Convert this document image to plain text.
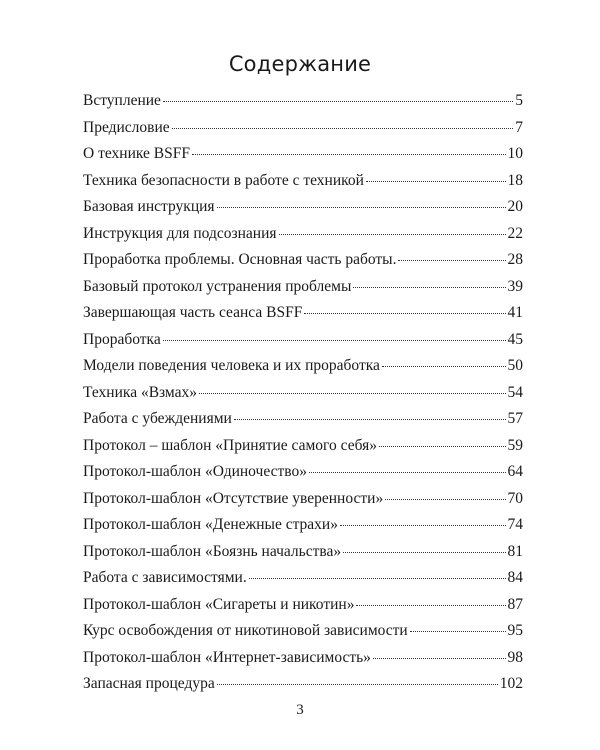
Содержание
Вступление	5
Предисловие	7
О технике BSFF	10
Техника безопасности в работе с техникой	18
Базовая инструкция	20
Инструкция для подсознания	22
Проработка проблемы. Основная часть работы.	28
Базовый протокол устранения проблемы	39
Завершающая часть сеанса BSFF	41
Проработка	45
Модели поведения человека и их проработка	50
Техника «Взмах»	54
Работа с убеждениями	57
Протокол – шаблон «Принятие самого себя»	59
Протокол-шаблон «Одиночество»	64
Протокол-шаблон «Отсутствие уверенности»	70
Протокол-шаблон «Денежные страхи»	74
Протокол-шаблон «Боязнь начальства»	81
Работа с зависимостями.	84
Протокол-шаблон «Сигареты и никотин»	87
Курс освобождения от никотиновой зависимости	95
Протокол-шаблон «Интернет-зависимость»	98
Запасная процедура	102
3
